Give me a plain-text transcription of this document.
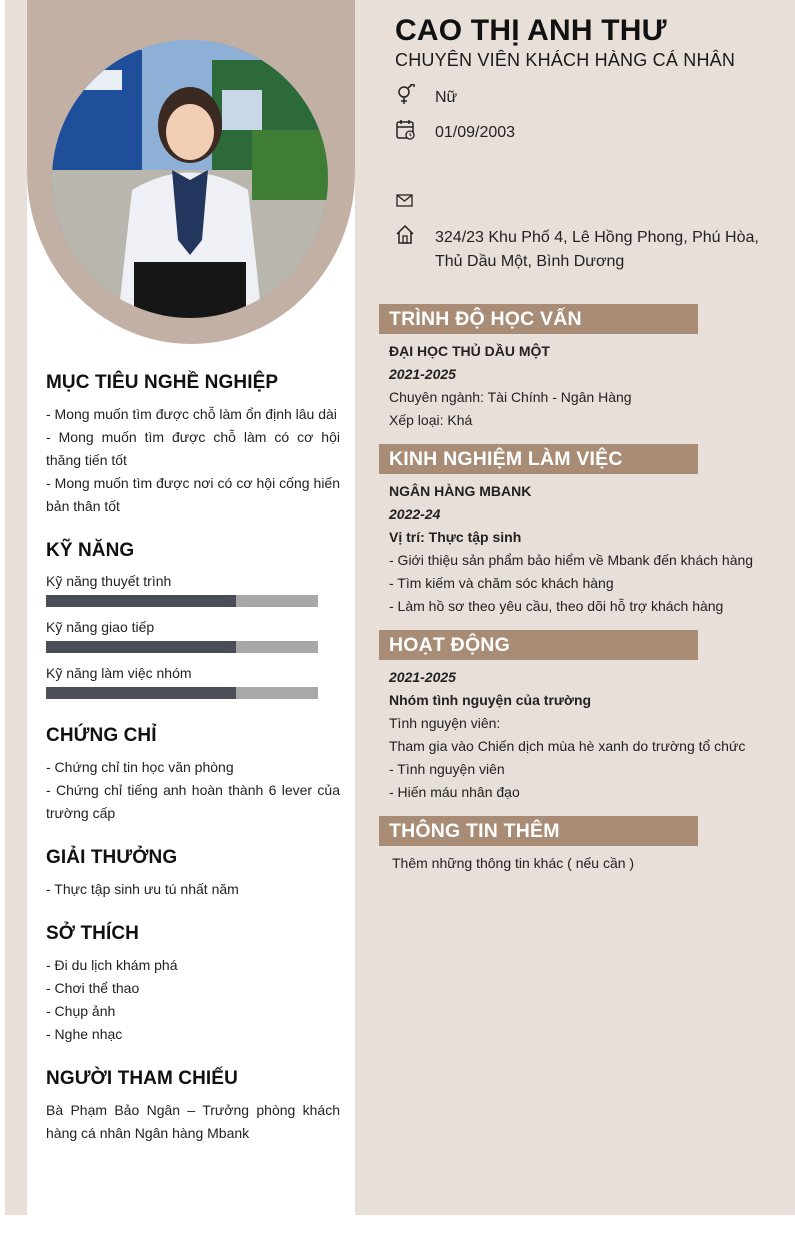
MỤC TIÊU NGHỀ NGHIỆP

- Mong muốn tìm được chỗ làm ổn định lâu dài

- Mong muốn tìm được chỗ làm có cơ hội thăng tiến tốt

- Mong muốn tìm được nơi có cơ hội cống hiến bản thân tốt

KỸ NĂNG
Kỹ năng thuyết trình
Kỹ năng giao tiếp
Kỹ năng làm việc nhóm
CHỨNG CHỈ

- Chứng chỉ tin học văn phòng

- Chứng chỉ tiếng anh hoàn thành 6 lever của trường cấp

GIẢI THƯỞNG

- Thực tập sinh ưu tú nhất năm

SỞ THÍCH

- Đi du lịch khám phá

- Chơi thể thao

- Chụp ảnh

- Nghe nhạc

NGƯỜI THAM CHIẾU

Bà Phạm Bảo Ngân – Trưởng phòng khách hàng cá nhân Ngân hàng Mbank

CAO THỊ ANH THƯ
CHUYÊN VIÊN KHÁCH HÀNG CÁ NHÂN
Nữ
01/09/2003
324/23 Khu Phố 4, Lê Hồng Phong, Phú Hòa,
Thủ Dầu Một, Bình Dương
TRÌNH ĐỘ HỌC VẤN
ĐẠI HỌC THỦ DẦU MỘT
2021-2025
Chuyên ngành: Tài Chính - Ngân Hàng
Xếp loại: Khá
KINH NGHIỆM LÀM VIỆC
NGÂN HÀNG MBANK
2022-24
Vị trí: Thực tập sinh
- Giới thiệu sản phẩm bảo hiểm về Mbank đến khách hàng
- Tìm kiếm và chăm sóc khách hàng
- Làm hồ sơ theo yêu cầu, theo dõi hỗ trợ khách hàng
HOẠT ĐỘNG
2021-2025
Nhóm tình nguyện của trường
Tình nguyện viên:
Tham gia vào Chiến dịch mùa hè xanh do trường tổ chức
- Tình nguyện viên
- Hiến máu nhân đạo
THÔNG TIN THÊM
Thêm những thông tin khác ( nếu cần )
